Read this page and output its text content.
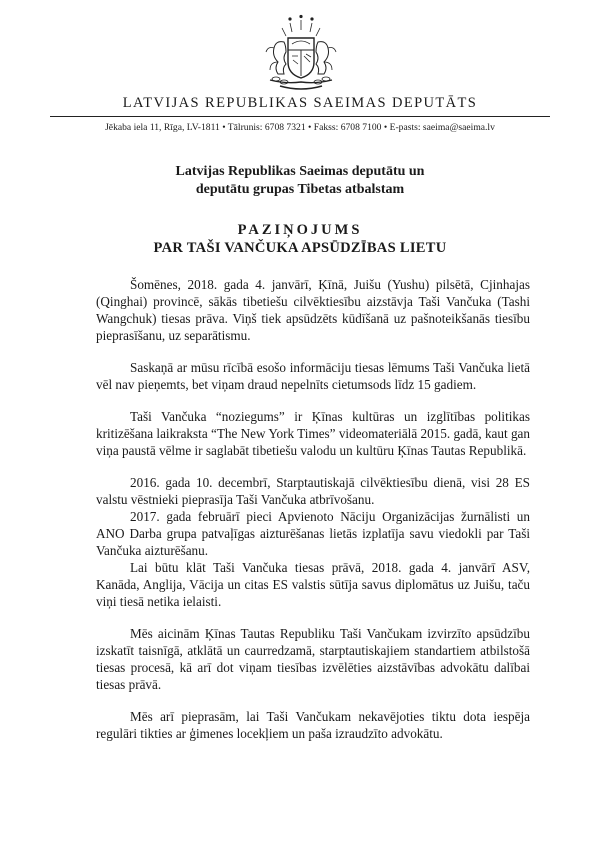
LATVIJAS REPUBLIKAS SAEIMAS DEPUTĀTS
Jēkaba iela 11, Rīga, LV-1811 • Tālrunis: 6708 7321 • Fakss: 6708 7100 • E-pasts: saeima@saeima.lv
Latvijas Republikas Saeimas deputātu un
deputātu grupas Tibetas atbalstam
PAZIŅOJUMS
PAR TAŠI VANČUKA APSŪDZĪBAS LIETU

Šomēnes, 2018. gada 4. janvārī, Ķīnā, Juišu (Yushu) pilsētā, Cjinhajas (Qinghai) provincē, sākās tibetiešu cilvēktiesību aizstāvja Taši Vančuka (Tashi Wangchuk) tiesas prāva. Viņš tiek apsūdzēts kūdīšanā uz pašnoteikšanās tiesību pieprasīšanu, uz separātismu.

Saskaņā ar mūsu rīcībā esošo informāciju tiesas lēmums Taši Vančuka lietā vēl nav pieņemts, bet viņam draud nepelnīts cietumsods līdz 15 gadiem.

Taši Vančuka “noziegums” ir Ķīnas kultūras un izglītības politikas kritizēšana laikraksta “The New York Times” videomateriālā 2015. gadā, kaut gan viņa paustā vēlme ir saglabāt tibetiešu valodu un kultūru Ķīnas Tautas Republikā.

2016. gada 10. decembrī, Starptautiskajā cilvēktiesību dienā, visi 28 ES valstu vēstnieki pieprasīja Taši Vančuka atbrīvošanu.

2017. gada februārī pieci Apvienoto Nāciju Organizācijas žurnālisti un ANO Darba grupa patvaļīgas aizturēšanas lietās izplatīja savu viedokli par Taši Vančuka aizturēšanu.

Lai būtu klāt Taši Vančuka tiesas prāvā, 2018. gada 4. janvārī ASV, Kanāda, Anglija, Vācija un citas ES valstis sūtīja savus diplomātus uz Juišu, taču viņi tiesā netika ielaisti.

Mēs aicinām Ķīnas Tautas Republiku Taši Vančukam izvirzīto apsūdzību izskatīt taisnīgā, atklātā un caurredzamā, starptautiskajiem standartiem atbilstošā tiesas procesā, kā arī dot viņam tiesības izvēlēties aizstāvības advokātu dalībai tiesas prāvā.

Mēs arī pieprasām, lai Taši Vančukam nekavējoties tiktu dota iespēja regulāri tikties ar ģimenes locekļiem un paša izraudzīto advokātu.
